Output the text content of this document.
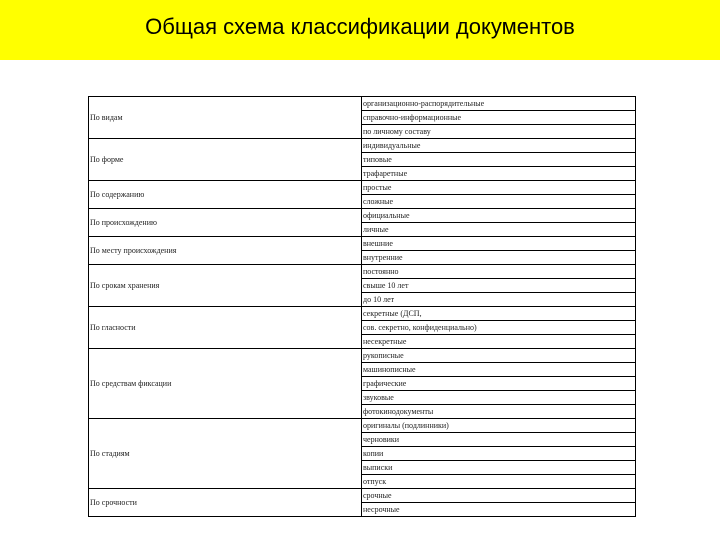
Общая схема классификации документов
По видам	организационно-распорядительные
	справочно-информационные
	по личному составу
По форме	индивидуальные
	типовые
	трафаретные
По содержанию	простые
	сложные
По происхождению	официальные
	личные
По месту происхождения	внешние
	внутренние
По срокам хранения	постоянно
	свыше 10 лет
	до 10 лет
По гласности	секретные (ДСП,
	сов. секретно, конфиденциально)
	несекретные
По средствам фиксации	рукописные
	машинописные
	графические
	звуковые
	фотокинодокументы
По стадиям	оригиналы (подлинники)
	черновики
	копии
	выписки
	отпуск
По срочности	срочные
	несрочные
